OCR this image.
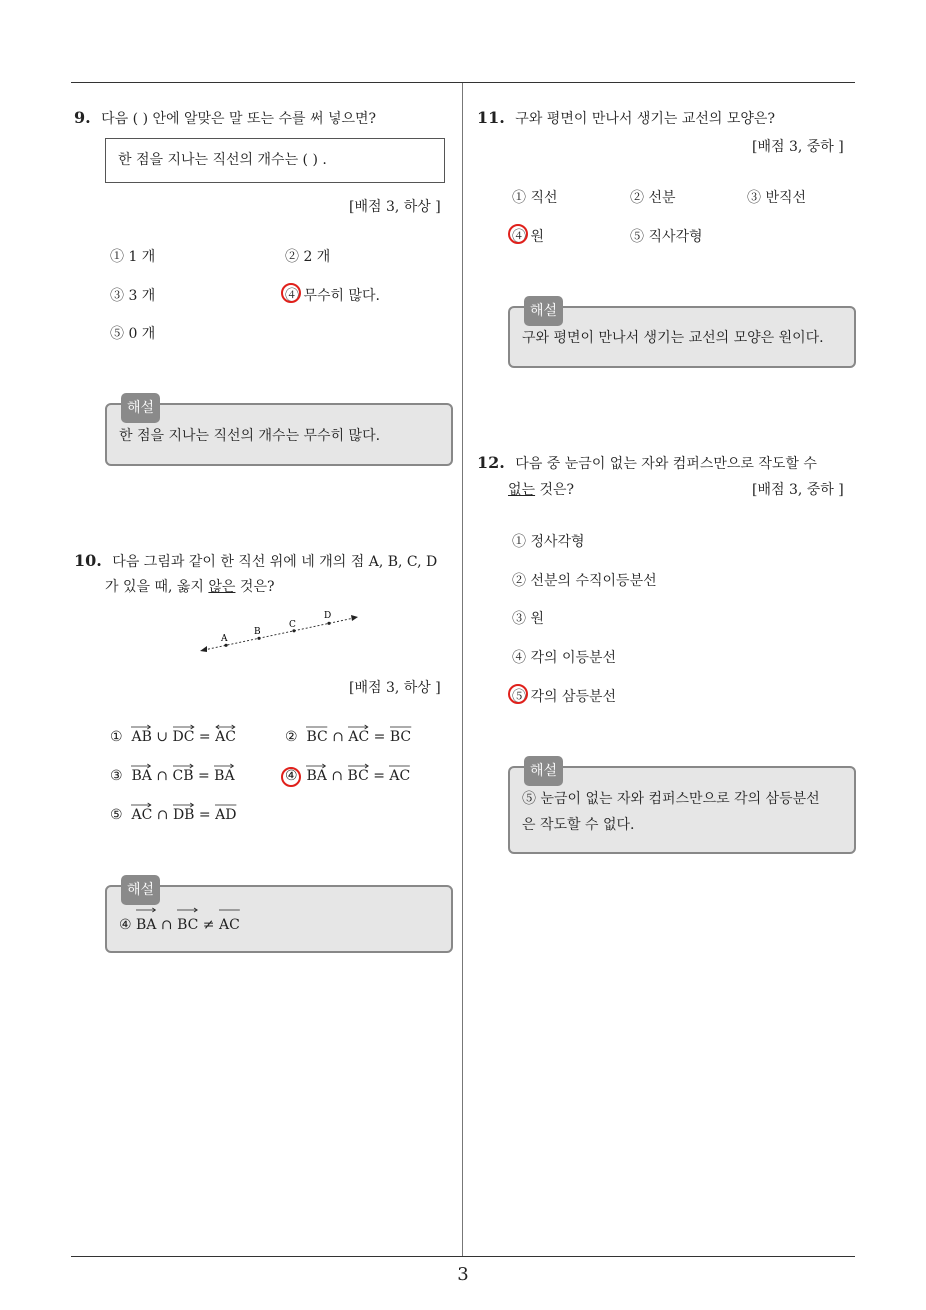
3
9. 다음 ( ) 안에 알맞은 말 또는 수를 써 넣으면?
한 점을 지나는 직선의 개수는 ( ) .
[배점 3, 하상 ]
① 1 개	② 2 개
③ 3 개	④ 무수히 많다.
⑤ 0 개
해설
한 점을 지나는 직선의 개수는 무수히 많다.
10. 다음 그림과 같이 한 직선 위에 네 개의 점 A, B, C, D
가 있을 때, 옳지 않은 것은?
A
B
C
D
[배점 3, 하상 ]
① AB ∪ DC = AC	② BC ∩ AC = BC
③ BA ∩ CB = BA	④ BA ∩ BC = AC
⑤ AC ∩ DB = AD
해설
④ BA ∩ BC ≠ AC
11. 구와 평면이 만나서 생기는 교선의 모양은?
[배점 3, 중하 ]
① 직선	② 선분	③ 반직선
④ 원	⑤ 직사각형
해설
구와 평면이 만나서 생기는 교선의 모양은 원이다.
12. 다음 중 눈금이 없는 자와 컴퍼스만으로 작도할 수
없는 것은?	[배점 3, 중하 ]
① 정사각형
② 선분의 수직이등분선
③ 원
④ 각의 이등분선
⑤ 각의 삼등분선
해설
⑤ 눈금이 없는 자와 컴퍼스만으로 각의 삼등분선
은 작도할 수 없다.
